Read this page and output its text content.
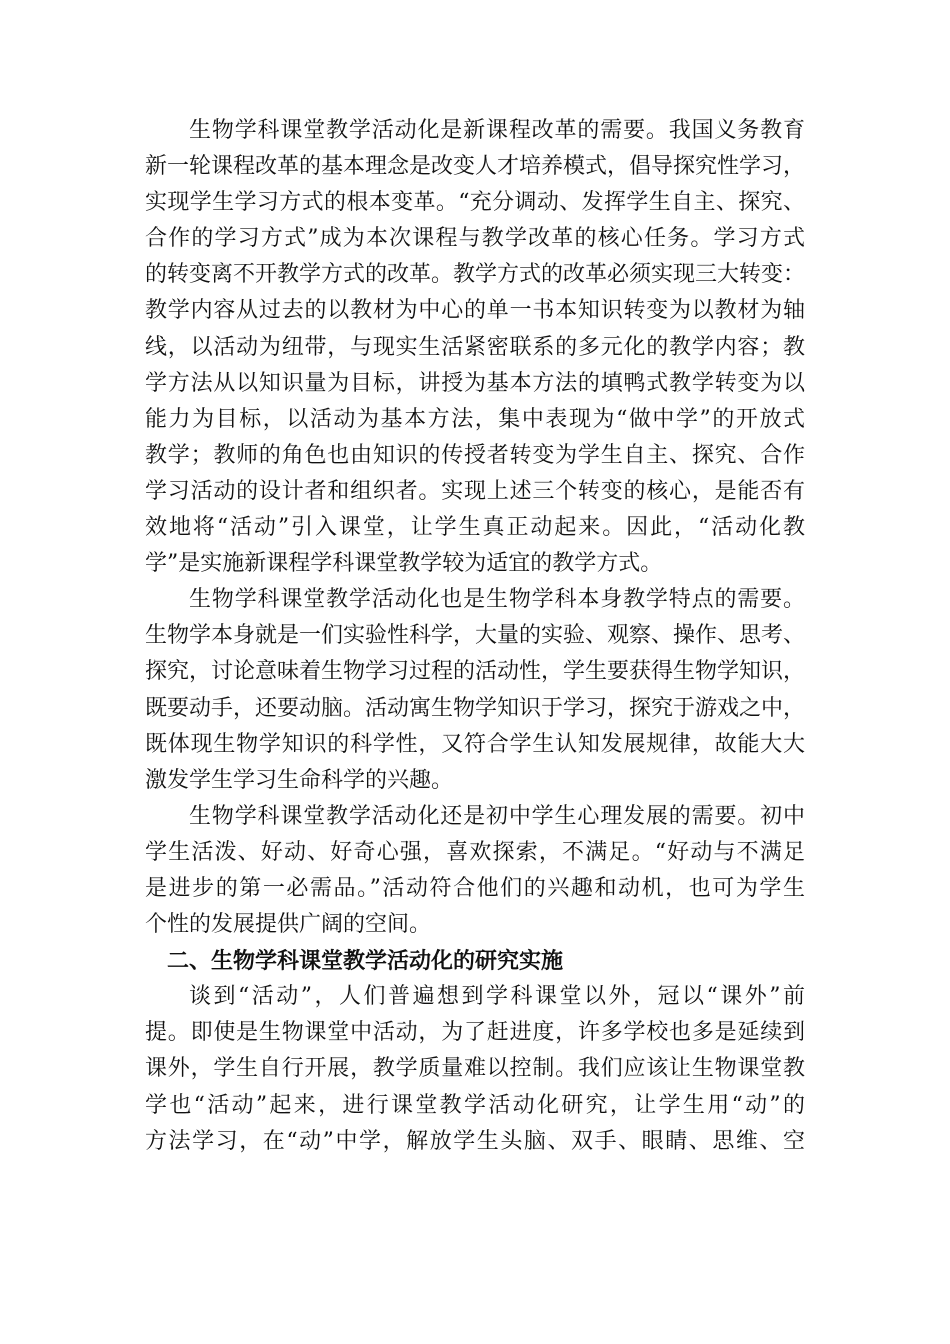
生物学科课堂教学活动化是新课程改革的需要。我国义务教育
新一轮课程改革的基本理念是改变人才培养模式，倡导探究性学习，
实现学生学习方式的根本变革。“充分调动、发挥学生自主、探究、
合作的学习方式”成为本次课程与教学改革的核心任务。学习方式
的转变离不开教学方式的改革。教学方式的改革必须实现三大转变：
教学内容从过去的以教材为中心的单一书本知识转变为以教材为轴
线，以活动为纽带，与现实生活紧密联系的多元化的教学内容；教
学方法从以知识量为目标，讲授为基本方法的填鸭式教学转变为以
能力为目标，以活动为基本方法，集中表现为“做中学”的开放式
教学；教师的角色也由知识的传授者转变为学生自主、探究、合作
学习活动的设计者和组织者。实现上述三个转变的核心，是能否有
效地将“活动”引入课堂，让学生真正动起来。因此，“活动化教
学”是实施新课程学科课堂教学较为适宜的教学方式。
生物学科课堂教学活动化也是生物学科本身教学特点的需要。
生物学本身就是一们实验性科学，大量的实验、观察、操作、思考、
探究，讨论意味着生物学习过程的活动性，学生要获得生物学知识，
既要动手，还要动脑。活动寓生物学知识于学习，探究于游戏之中，
既体现生物学知识的科学性，又符合学生认知发展规律，故能大大
激发学生学习生命科学的兴趣。
生物学科课堂教学活动化还是初中学生心理发展的需要。初中
学生活泼、好动、好奇心强，喜欢探索，不满足。“好动与不满足
是进步的第一必需品。”活动符合他们的兴趣和动机，也可为学生
个性的发展提供广阔的空间。
二、生物学科课堂教学活动化的研究实施
谈到“活动”，人们普遍想到学科课堂以外，冠以“课外”前
提。即使是生物课堂中活动，为了赶进度，许多学校也多是延续到
课外，学生自行开展，教学质量难以控制。我们应该让生物课堂教
学也“活动”起来，进行课堂教学活动化研究，让学生用“动”的
方法学习，在“动”中学，解放学生头脑、双手、眼睛、思维、空
